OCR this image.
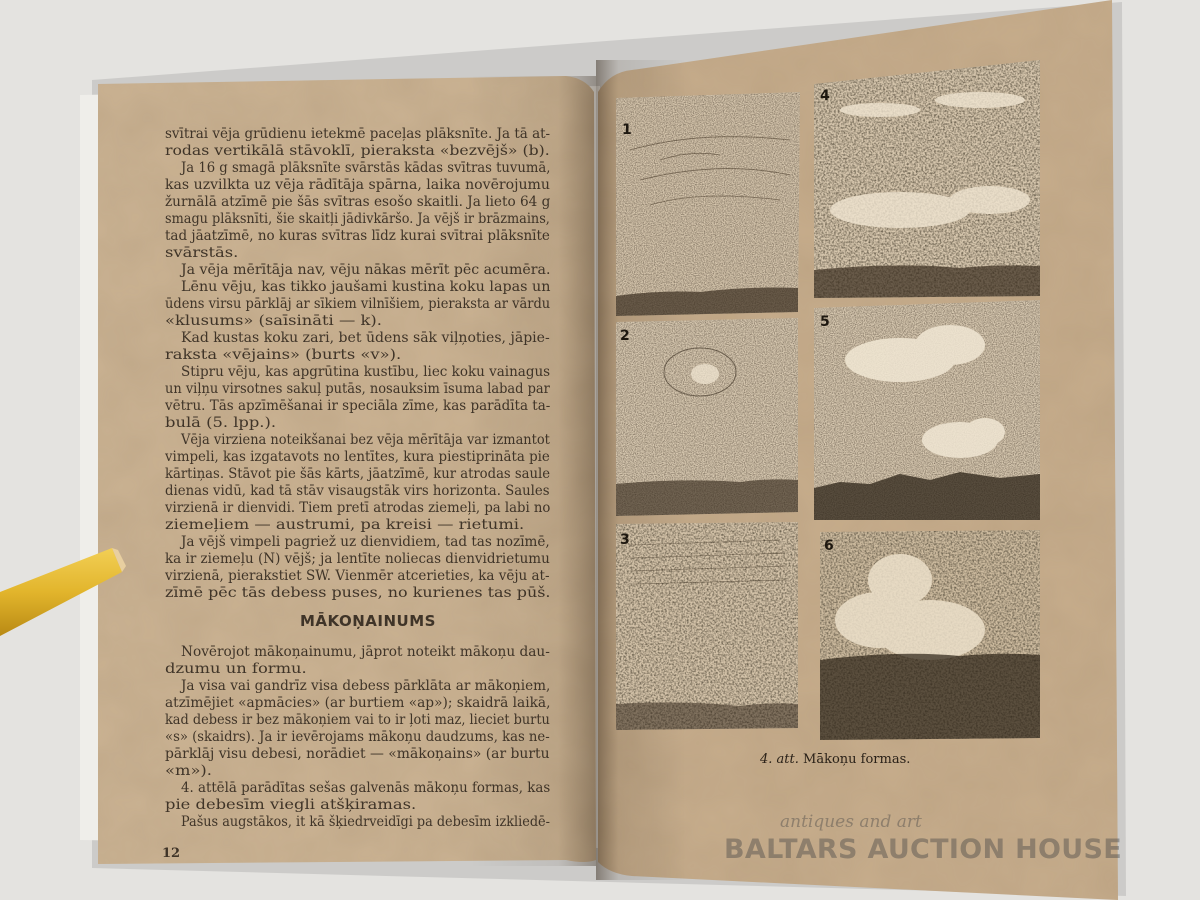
svītrai vēja grūdienu ietekmē paceļas plāksnīte. Ja tā at-
rodas vertikālā stāvoklī, pieraksta «bezvējš» (b).
Ja 16 g smagā plāksnīte svārstās kādas svītras tuvumā,
kas uzvilkta uz vēja rādītāja spārna, laika novērojumu
žurnālā atzīmē pie šās svītras esošo skaitli. Ja lieto 64 g
smagu plāksnīti, šie skaitļi jādivkāršo. Ja vējš ir brāzmains,
tad jāatzīmē, no kuras svītras līdz kurai svītrai plāksnīte
svārstās.
Ja vēja mērītāja nav, vēju nākas mērīt pēc acumēra.
Lēnu vēju, kas tikko jaušami kustina koku lapas un
ūdens virsu pārklāj ar sīkiem vilnīšiem, pieraksta ar vārdu
«klusums» (saīsināti — k).
Kad kustas koku zari, bet ūdens sāk viļņoties, jāpie-
raksta «vējains» (burts «v»).
Stipru vēju, kas apgrūtina kustību, liec koku vainagus
un viļņu virsotnes sakuļ putās, nosauksim īsuma labad par
vētru. Tās apzīmēšanai ir speciāla zīme, kas parādīta ta-
bulā (5. lpp.).
Vēja virziena noteikšanai bez vēja mērītāja var izmantot
vimpeli, kas izgatavots no lentītes, kura piestiprināta pie
kārtiņas. Stāvot pie šās kārts, jāatzīmē, kur atrodas saule
dienas vidū, kad tā stāv visaugstāk virs horizonta. Saules
virzienā ir dienvidi. Tiem pretī atrodas ziemeļi, pa labi no
ziemeļiem — austrumi, pa kreisi — rietumi.
Ja vējš vimpeli pagriež uz dienvidiem, tad tas nozīmē,
ka ir ziemeļu (N) vējš; ja lentīte noliecas dienvidrietumu
virzienā, pierakstiet SW. Vienmēr atcerieties, ka vēju at-
zīmē pēc tās debess puses, no kurienes tas pūš.
MĀKOŅAINUMS
Novērojot mākoņainumu, jāprot noteikt mākoņu dau-
dzumu un formu.
Ja visa vai gandrīz visa debess pārklāta ar mākoņiem,
atzīmējiet «apmācies» (ar burtiem «ap»); skaidrā laikā,
kad debess ir bez mākoņiem vai to ir ļoti maz, lieciet burtu
«s» (skaidrs). Ja ir ievērojams mākoņu daudzums, kas ne-
pārklāj visu debesi, norādiet — «mākoņains» (ar burtu
«m»).
4. attēlā parādītas sešas galvenās mākoņu formas, kas
pie debesīm viegli atšķiramas.
Pašus augstākos, it kā šķiedrveidīgi pa debesīm izkliedē-
12
1
2
3
4
5
6
4. att. Mākoņu formas.
antiques and art
BALTARS AUCTION HOUSE
